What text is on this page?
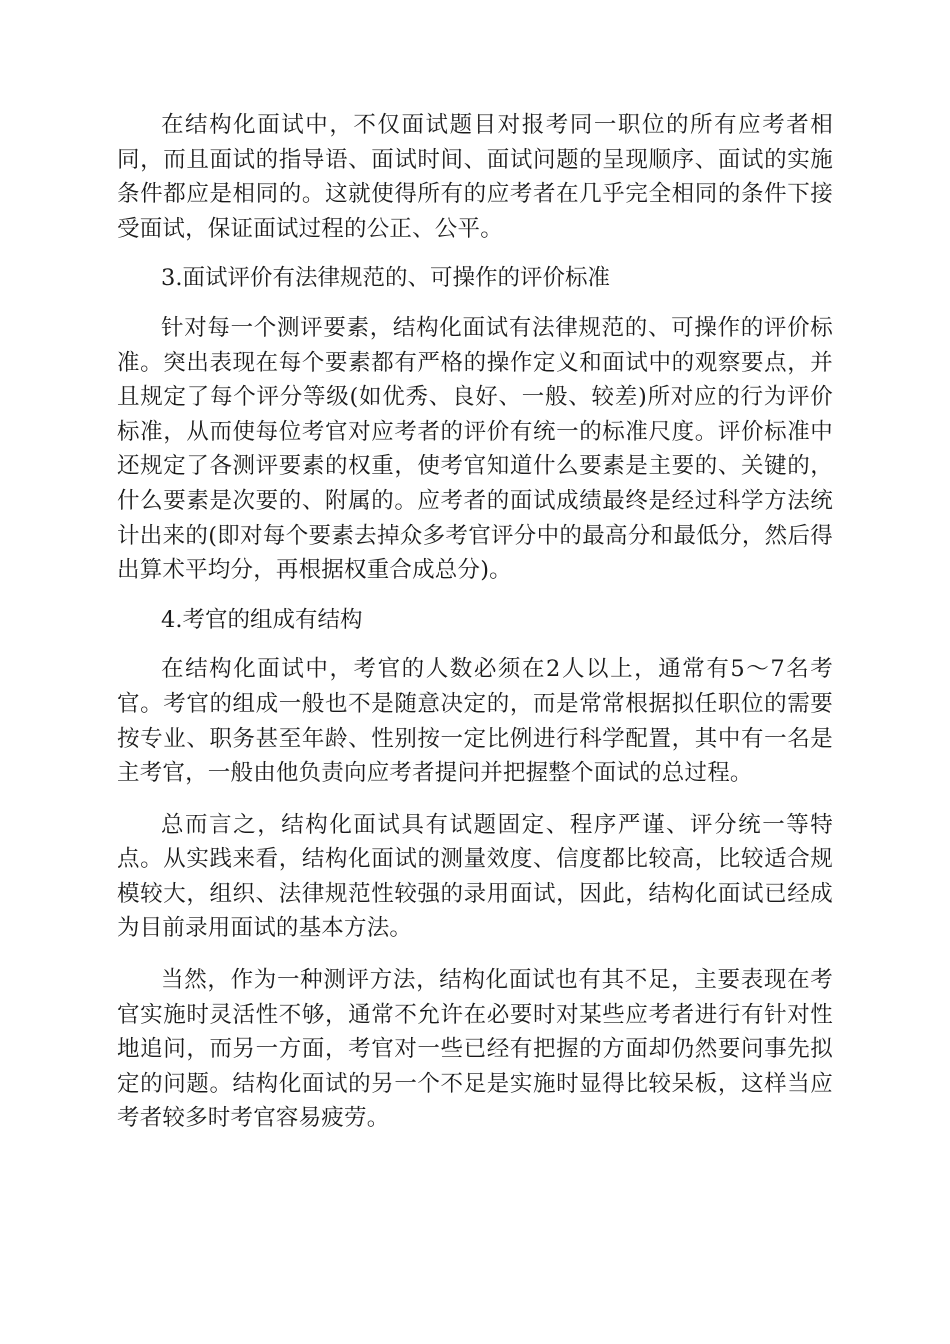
在结构化面试中，不仅面试题目对报考同一职位的所有应考者相同，而且面试的指导语、面试时间、面试问题的呈现顺序、面试的实施条件都应是相同的。这就使得所有的应考者在几乎完全相同的条件下接受面试，保证面试过程的公正、公平。

3.面试评价有法律规范的、可操作的评价标准

针对每一个测评要素，结构化面试有法律规范的、可操作的评价标准。突出表现在每个要素都有严格的操作定义和面试中的观察要点，并且规定了每个评分等级(如优秀、良好、一般、较差)所对应的行为评价标准，从而使每位考官对应考者的评价有统一的标准尺度。评价标准中还规定了各测评要素的权重，使考官知道什么要素是主要的、关键的，什么要素是次要的、附属的。应考者的面试成绩最终是经过科学方法统计出来的(即对每个要素去掉众多考官评分中的最高分和最低分，然后得出算术平均分，再根据权重合成总分)。

4.考官的组成有结构

在结构化面试中，考官的人数必须在2人以上，通常有5～7名考官。考官的组成一般也不是随意决定的，而是常常根据拟任职位的需要按专业、职务甚至年龄、性别按一定比例进行科学配置，其中有一名是主考官，一般由他负责向应考者提问并把握整个面试的总过程。

总而言之，结构化面试具有试题固定、程序严谨、评分统一等特点。从实践来看，结构化面试的测量效度、信度都比较高，比较适合规模较大，组织、法律规范性较强的录用面试，因此，结构化面试已经成为目前录用面试的基本方法。

当然，作为一种测评方法，结构化面试也有其不足，主要表现在考官实施时灵活性不够，通常不允许在必要时对某些应考者进行有针对性地追问，而另一方面，考官对一些已经有把握的方面却仍然要问事先拟定的问题。结构化面试的另一个不足是实施时显得比较呆板，这样当应考者较多时考官容易疲劳。
